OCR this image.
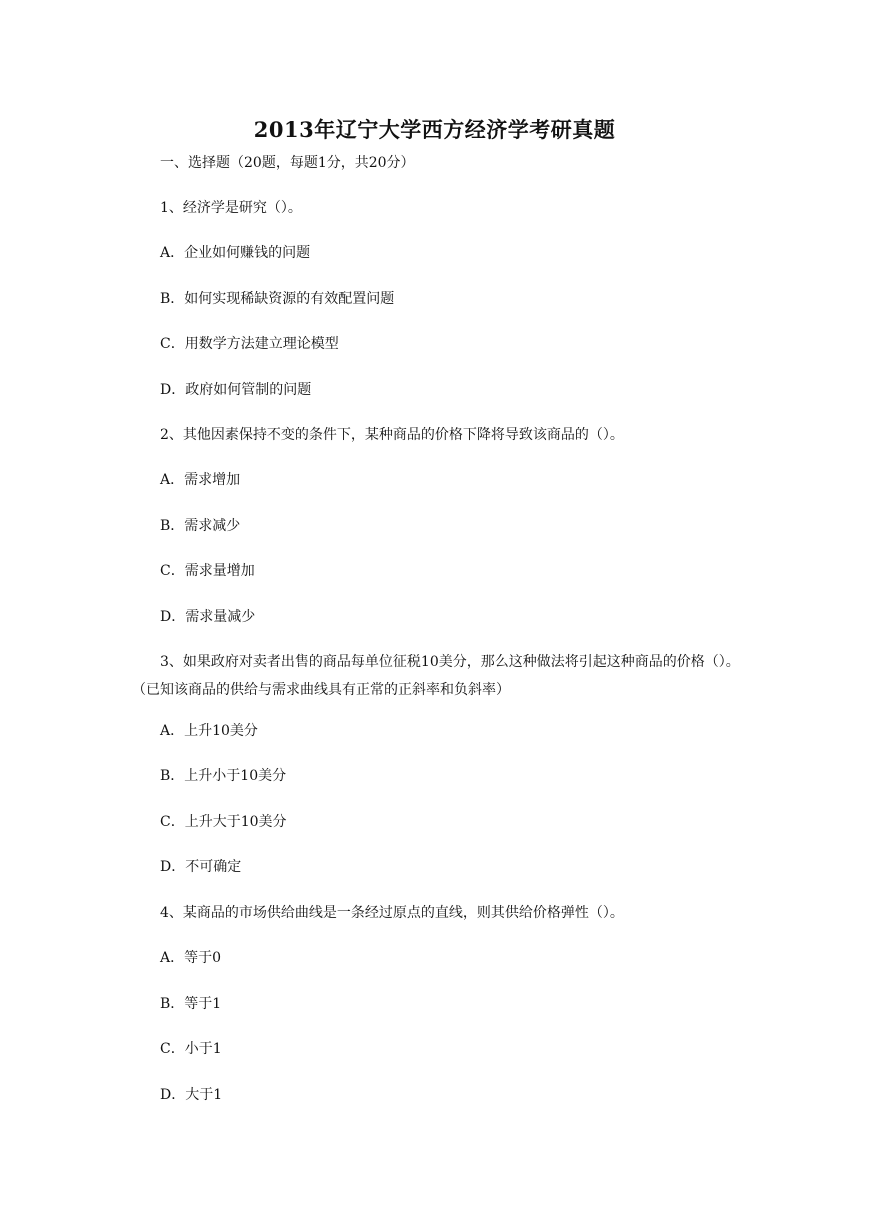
2013年辽宁大学西方经济学考研真题
一、选择题（20题，每题1分，共20分）
1、经济学是研究（）。
A．企业如何赚钱的问题
B．如何实现稀缺资源的有效配置问题
C．用数学方法建立理论模型
D．政府如何管制的问题
2、其他因素保持不变的条件下，某种商品的价格下降将导致该商品的（）。
A．需求增加
B．需求减少
C．需求量增加
D．需求量减少
3、如果政府对卖者出售的商品每单位征税10美分，那么这种做法将引起这种商品的价格（）。（已知该商品的供给与需求曲线具有正常的正斜率和负斜率）
A．上升10美分
B．上升小于10美分
C．上升大于10美分
D．不可确定
4、某商品的市场供给曲线是一条经过原点的直线，则其供给价格弹性（）。
A．等于0
B．等于1
C．小于1
D．大于1
